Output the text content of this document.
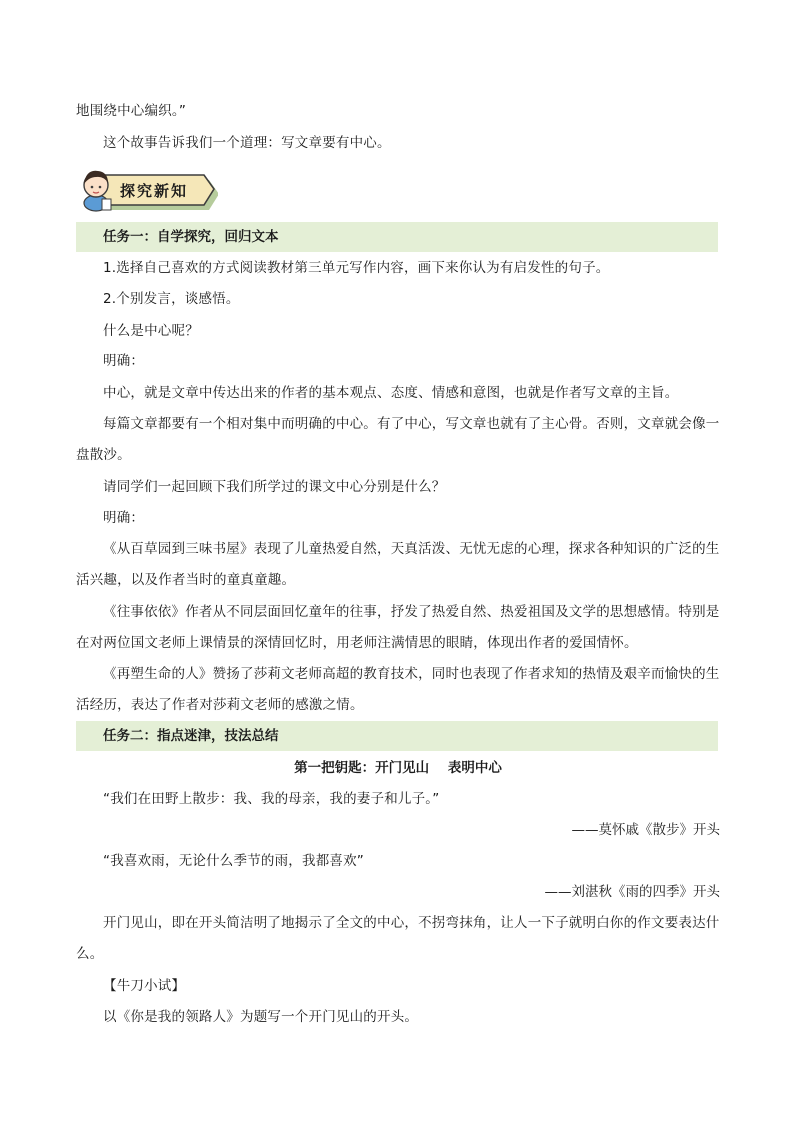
地围绕中心编织。”

这个故事告诉我们一个道理：写文章要有中心。

探究新知
任务一：自学探究，回归文本

1.选择自己喜欢的方式阅读教材第三单元写作内容，画下来你认为有启发性的句子。

2.个别发言，谈感悟。

什么是中心呢？

明确：

中心，就是文章中传达出来的作者的基本观点、态度、情感和意图，也就是作者写文章的主旨。

每篇文章都要有一个相对集中而明确的中心。有了中心，写文章也就有了主心骨。否则，文章就会像一盘散沙。

请同学们一起回顾下我们所学过的课文中心分别是什么？

明确：

《从百草园到三味书屋》表现了儿童热爱自然，天真活泼、无忧无虑的心理，探求各种知识的广泛的生活兴趣，以及作者当时的童真童趣。

《往事依依》作者从不同层面回忆童年的往事，抒发了热爱自然、热爱祖国及文学的思想感情。特别是在对两位国文老师上课情景的深情回忆时，用老师注满情思的眼睛，体现出作者的爱国情怀。

《再塑生命的人》赞扬了莎莉文老师高超的教育技术，同时也表现了作者求知的热情及艰辛而愉快的生活经历，表达了作者对莎莉文老师的感激之情。

任务二：指点迷津，技法总结
第一把钥匙：开门见山    表明中心

“我们在田野上散步：我、我的母亲，我的妻子和儿子。”

——莫怀戚《散步》开头

“我喜欢雨，无论什么季节的雨，我都喜欢”

——刘湛秋《雨的四季》开头

开门见山，即在开头简洁明了地揭示了全文的中心，不拐弯抹角，让人一下子就明白你的作文要表达什么。

【牛刀小试】

以《你是我的领路人》为题写一个开门见山的开头。
